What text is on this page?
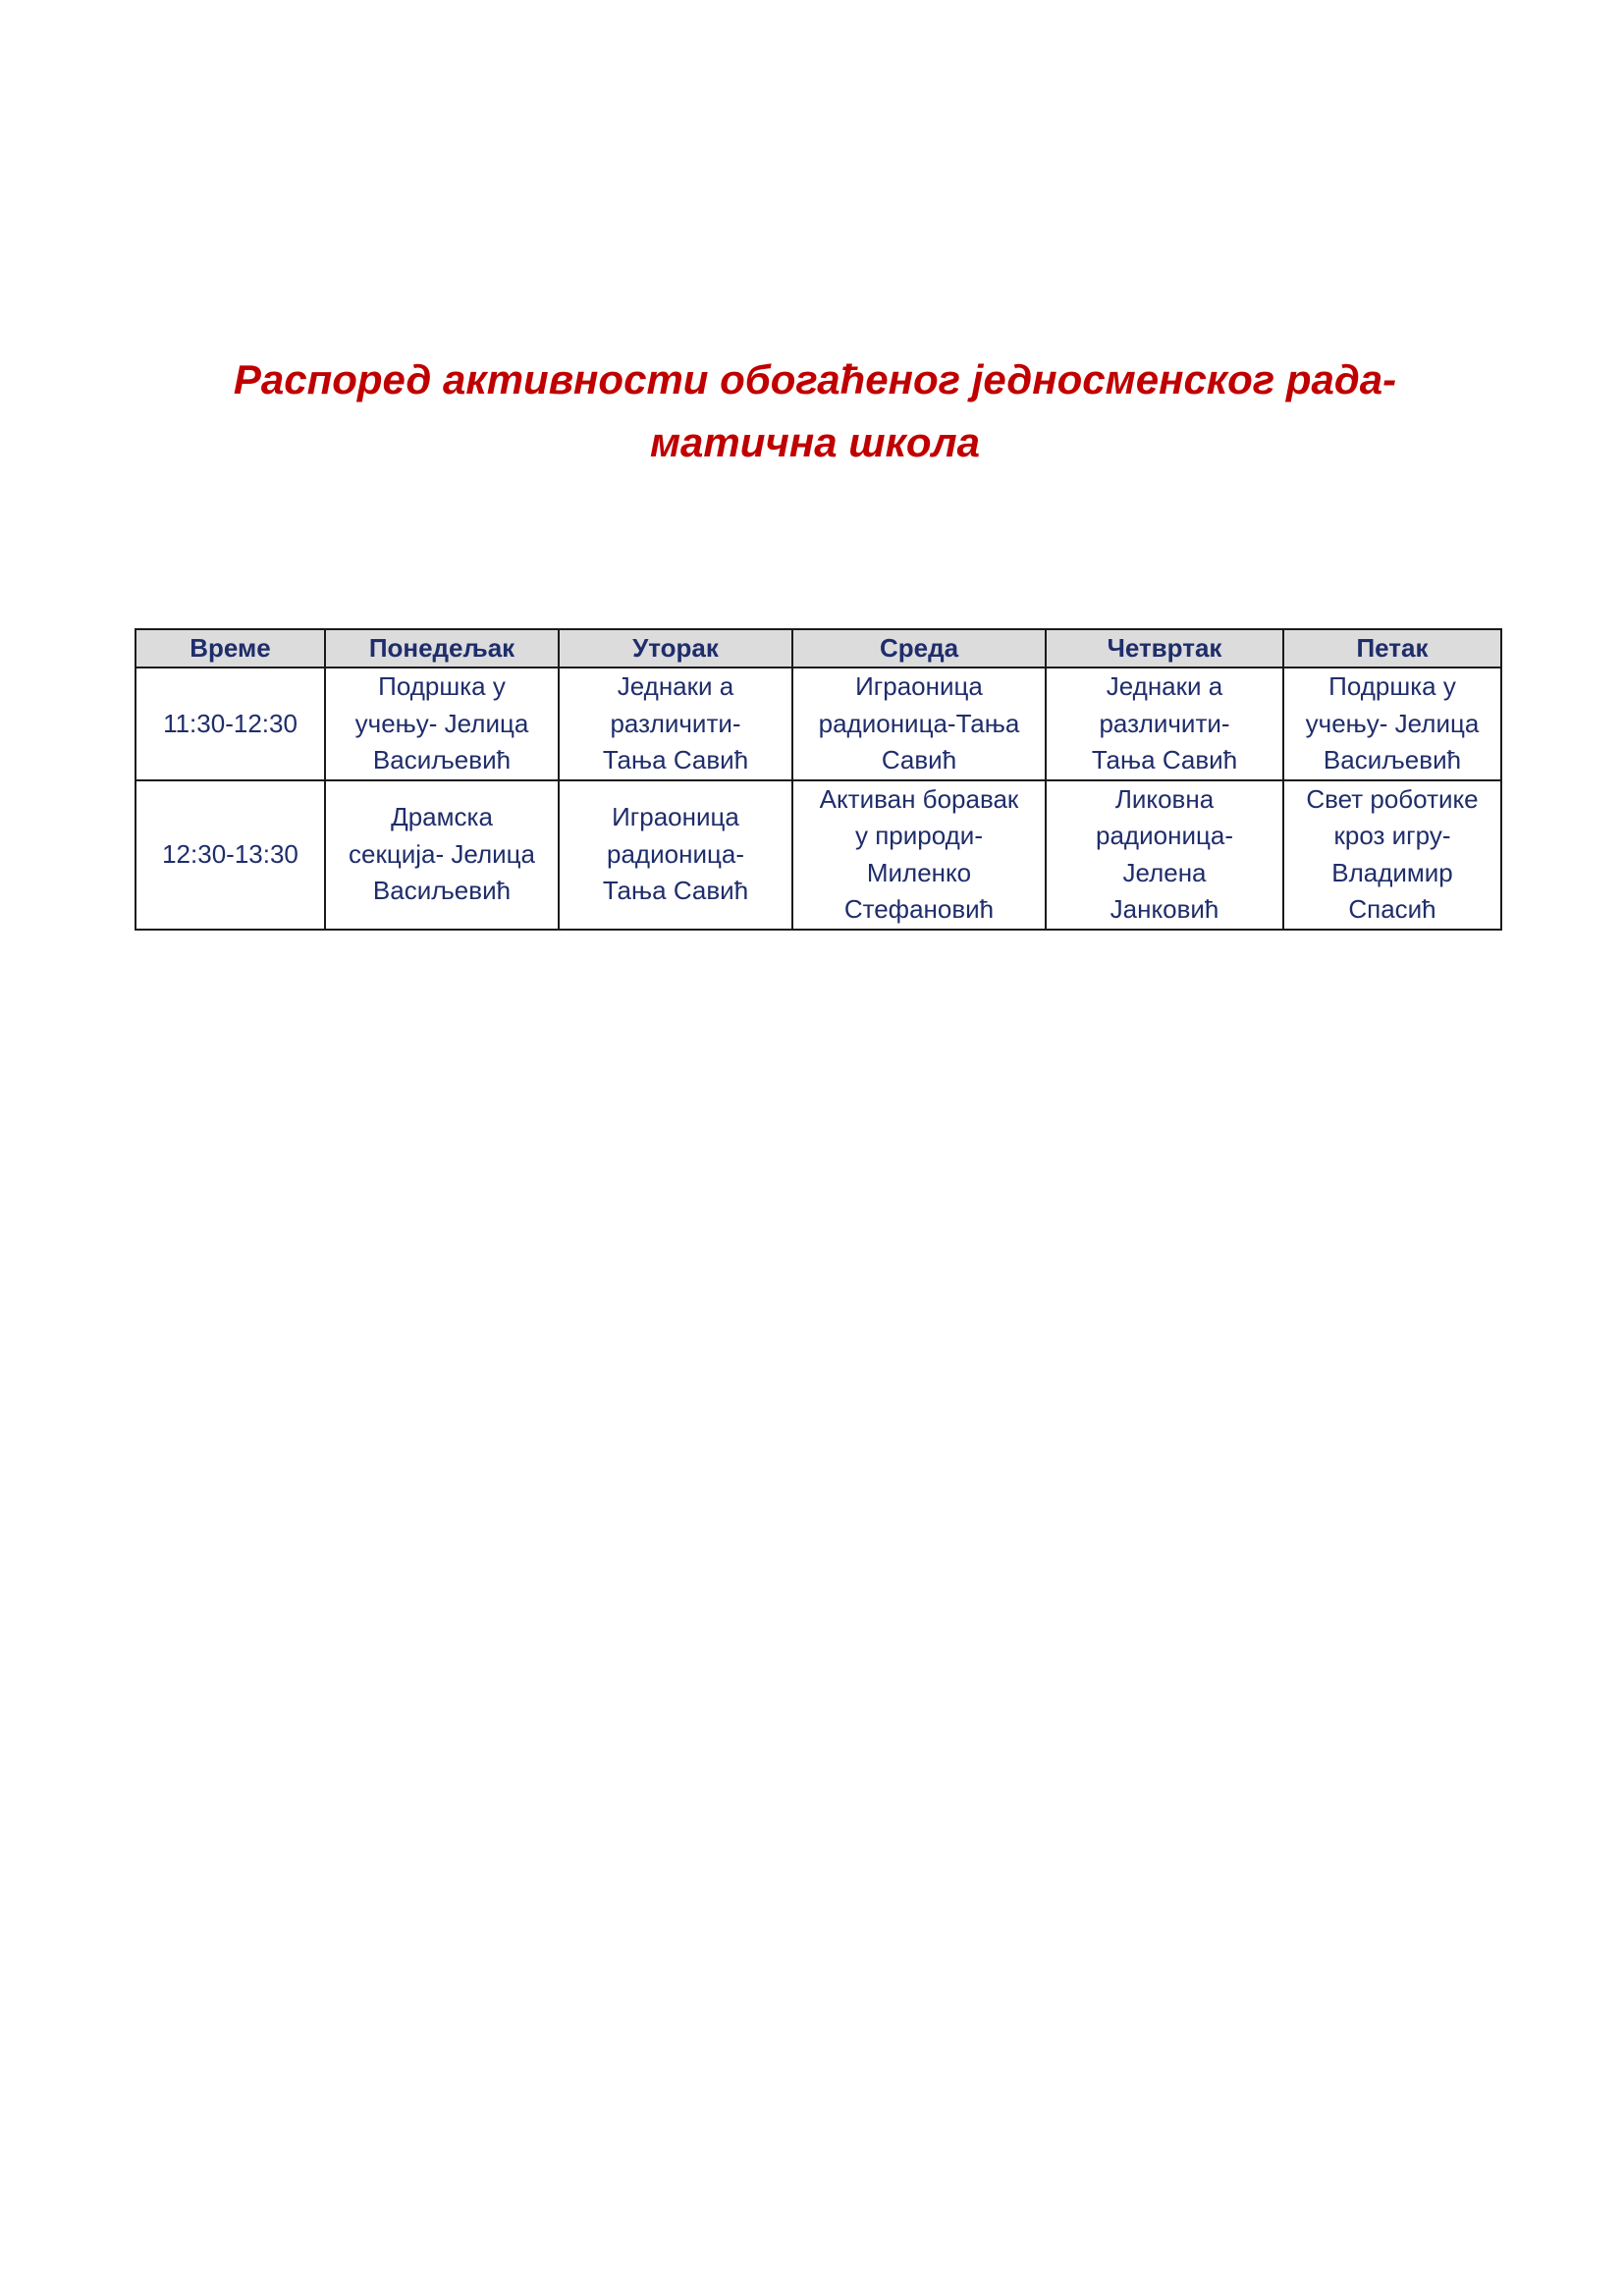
Распоред активности обогаћеног једносменског рада-
матична школа
Време	Понедељак	Уторак	Среда	Четвртак	Петак
11:30-12:30	Подршка у
учењу- Јелица
Васиљевић	Једнаки а
различити-
Тања Савић	Играоница
радионица-Тања
Савић	Једнаки а
различити-
Тања Савић	Подршка у
учењу- Јелица
Васиљевић

12:30-13:30	Драмска
секција- Јелица
Васиљевић	Играоница
радионица-
Тања Савић	Активан боравак
у природи-
Миленко
Стефановић	Ликовна
радионица-
Јелена
Јанковић	Свет роботике
кроз игру-
Владимир
Спасић
